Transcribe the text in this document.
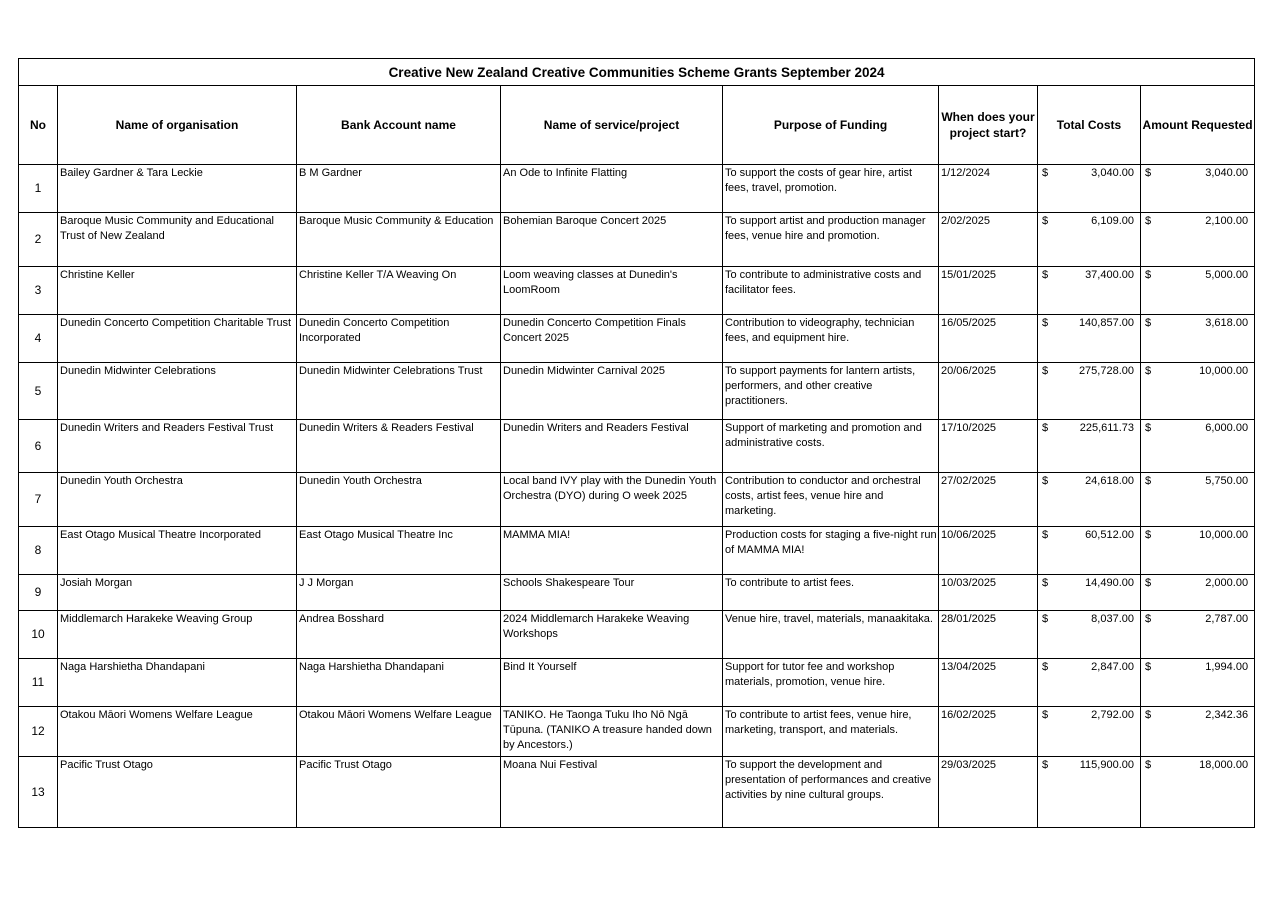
Creative New Zealand Creative Communities Scheme Grants September 2024							
No	Name of organisation	Bank Account name	Name of service/project	Purpose of Funding	When does your project start?	Total Costs	Amount Requested
1	Bailey Gardner & Tara Leckie	B M Gardner	An Ode to Infinite Flatting	To support the costs of gear hire, artist fees, travel, promotion.	1/12/2024	$ 3,040.00	$ 3,040.00

2	Baroque Music Community and Educational Trust of New Zealand	Baroque Music Community & Education	Bohemian Baroque Concert 2025	To support artist and production manager fees, venue hire and promotion.	2/02/2025	$ 6,109.00	$ 2,100.00

3	Christine Keller	Christine Keller T/A Weaving On	Loom weaving classes at Dunedin's LoomRoom	To contribute to administrative costs and facilitator fees.	15/01/2025	$ 37,400.00	$ 5,000.00

4	Dunedin Concerto Competition Charitable Trust	Dunedin Concerto Competition Incorporated	Dunedin Concerto Competition Finals Concert 2025	Contribution to videography, technician fees, and equipment hire.	16/05/2025	$ 140,857.00	$ 3,618.00

5	Dunedin Midwinter Celebrations	Dunedin Midwinter Celebrations Trust	Dunedin Midwinter Carnival 2025	To support payments for lantern artists, performers, and other creative practitioners.	20/06/2025	$ 275,728.00	$ 10,000.00

6	Dunedin Writers and Readers Festival Trust	Dunedin Writers & Readers Festival	Dunedin Writers and Readers Festival	Support of marketing and promotion and administrative costs.	17/10/2025	$ 225,611.73	$ 6,000.00

7	Dunedin Youth Orchestra	Dunedin Youth Orchestra	Local band IVY play with the Dunedin Youth Orchestra (DYO) during O week 2025	Contribution to conductor and orchestral costs, artist fees, venue hire and marketing.	27/02/2025	$ 24,618.00	$ 5,750.00

8	East Otago Musical Theatre Incorporated	East Otago Musical Theatre Inc	MAMMA MIA!	Production costs for staging a five-night run of MAMMA MIA!	10/06/2025	$ 60,512.00	$ 10,000.00

9	Josiah Morgan	J J Morgan	Schools Shakespeare Tour	To contribute to artist fees.	10/03/2025	$ 14,490.00	$ 2,000.00

10	Middlemarch Harakeke Weaving Group	Andrea Bosshard	2024 Middlemarch Harakeke Weaving Workshops	Venue hire, travel, materials, manaakitaka.	28/01/2025	$ 8,037.00	$ 2,787.00

11	Naga Harshietha Dhandapani	Naga Harshietha Dhandapani	Bind It Yourself	Support for tutor fee and workshop materials, promotion, venue hire.	13/04/2025	$ 2,847.00	$ 1,994.00

12	Otakou Māori Womens Welfare League	Otakou Māori Womens Welfare League	TANIKO. He Taonga Tuku Iho Nō Ngā Tūpuna. (TANIKO A treasure handed down by Ancestors.)	To contribute to artist fees, venue hire, marketing, transport, and materials.	16/02/2025	$ 2,792.00	$ 2,342.36

13	Pacific Trust Otago	Pacific Trust Otago	Moana Nui Festival	To support the development and presentation of performances and creative activities by nine cultural groups.	29/03/2025	$ 115,900.00	$ 18,000.00
